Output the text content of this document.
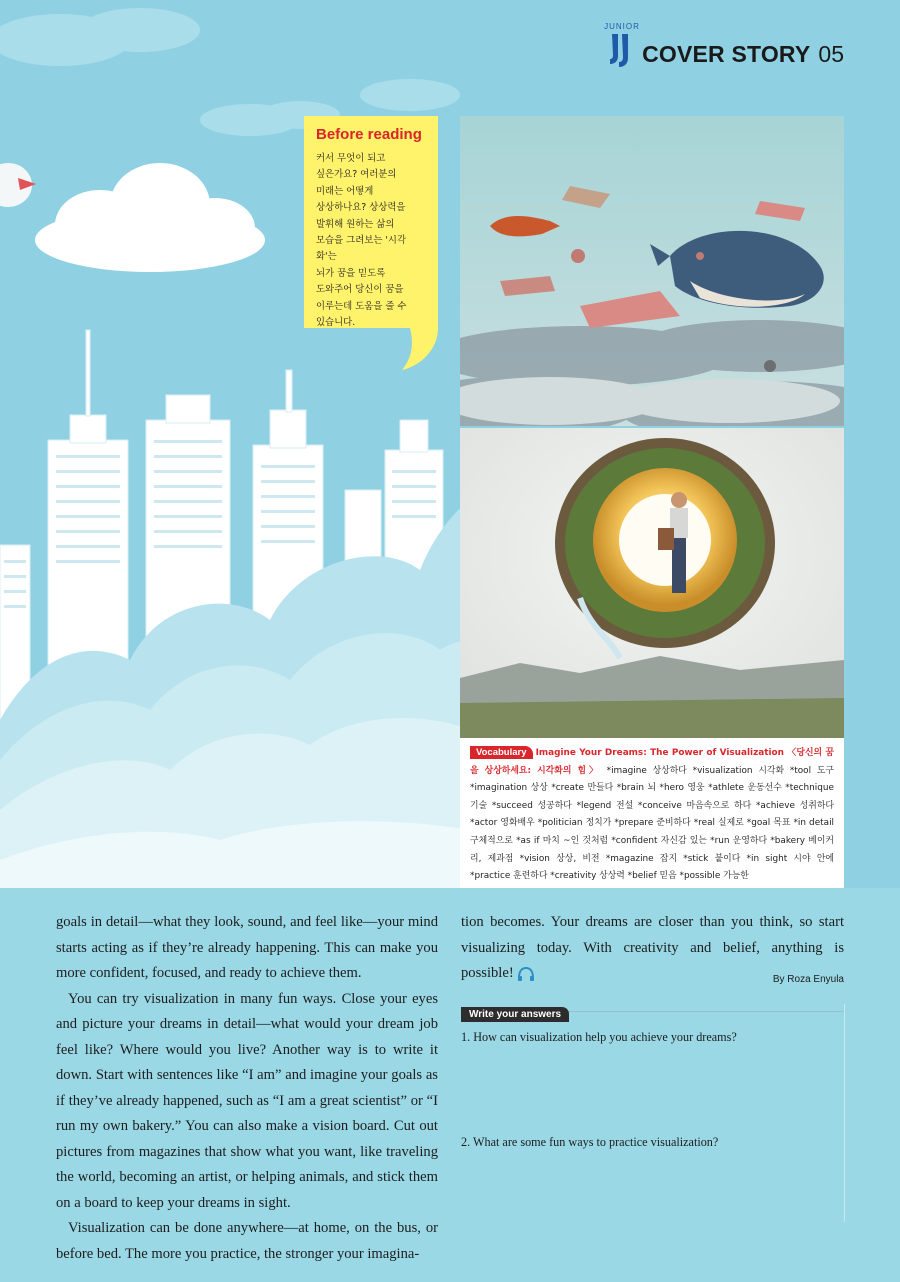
JUNIOR
COVER STORY 05
Before reading
커서 무엇이 되고
싶은가요? 여러분의
미래는 어떻게
상상하나요? 상상력을
발휘해 원하는 삶의
모습을 그려보는 '시각화'는
뇌가 꿈을 믿도록
도와주어 당신이 꿈을
이루는데 도움을 줄 수
있습니다.
Vocabulary Imagine Your Dreams: The Power of Visualization 〈당신의 꿈을 상상하세요: 시각화의 힘〉 *imagine 상상하다 *visualization 시각화 *tool 도구 *imagination 상상 *create 만들다 *brain 뇌 *hero 영웅 *athlete 운동선수 *technique 기술 *succeed 성공하다 *legend 전설 *conceive 마음속으로 하다 *achieve 성취하다 *actor 영화배우 *politician 정치가 *prepare 준비하다 *real 실제로 *goal 목표 *in detail 구체적으로 *as if 마치 ~인 것처럼 *confident 자신감 있는 *run 운영하다 *bakery 베이커리, 제과점 *vision 상상, 비전 *magazine 잡지 *stick 붙이다 *in sight 시야 안에 *practice 훈련하다 *creativity 상상력 *belief 믿음 *possible 가능한

goals in detail—what they look, sound, and feel like—your mind starts acting as if they’re already happening. This can make you more confident, focused, and ready to achieve them.

You can try visualization in many fun ways. Close your eyes and picture your dreams in detail—what would your dream job feel like? Where would you live? Another way is to write it down. Start with sentences like “I am” and imagine your goals as if they’ve already happened, such as “I am a great scientist” or “I run my own bakery.” You can also make a vision board. Cut out pictures from magazines that show what you want, like traveling the world, becoming an artist, or helping animals, and stick them on a board to keep your dreams in sight.

Visualization can be done anywhere—at home, on the bus, or before bed. The more you practice, the stronger your imagina-

tion becomes. Your dreams are closer than you think, so start visualizing today. With creativity and belief, anything is possible!	By Roza Enyula
Write your answers

1. How can visualization help you achieve your dreams?

2. What are some fun ways to practice visualization?
